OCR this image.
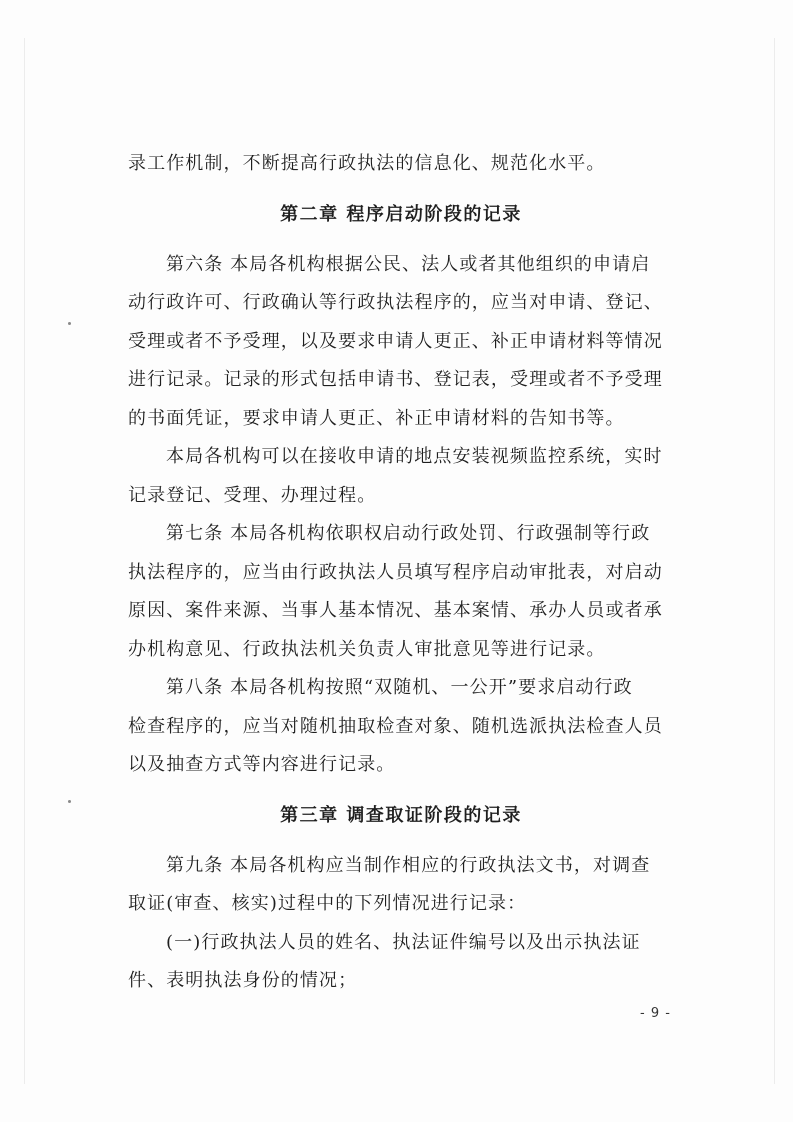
录工作机制，不断提高行政执法的信息化、规范化水平。
第二章 程序启动阶段的记录
第六条 本局各机构根据公民、法人或者其他组织的申请启
动行政许可、行政确认等行政执法程序的，应当对申请、登记、
受理或者不予受理，以及要求申请人更正、补正申请材料等情况
进行记录。记录的形式包括申请书、登记表，受理或者不予受理
的书面凭证，要求申请人更正、补正申请材料的告知书等。
本局各机构可以在接收申请的地点安装视频监控系统，实时
记录登记、受理、办理过程。
第七条 本局各机构依职权启动行政处罚、行政强制等行政
执法程序的，应当由行政执法人员填写程序启动审批表，对启动
原因、案件来源、当事人基本情况、基本案情、承办人员或者承
办机构意见、行政执法机关负责人审批意见等进行记录。
第八条 本局各机构按照“双随机、一公开”要求启动行政
检查程序的，应当对随机抽取检查对象、随机选派执法检查人员
以及抽查方式等内容进行记录。
第三章 调查取证阶段的记录
第九条 本局各机构应当制作相应的行政执法文书，对调查
取证(审查、核实)过程中的下列情况进行记录：
(一)行政执法人员的姓名、执法证件编号以及出示执法证
件、表明执法身份的情况；
- 9 -
